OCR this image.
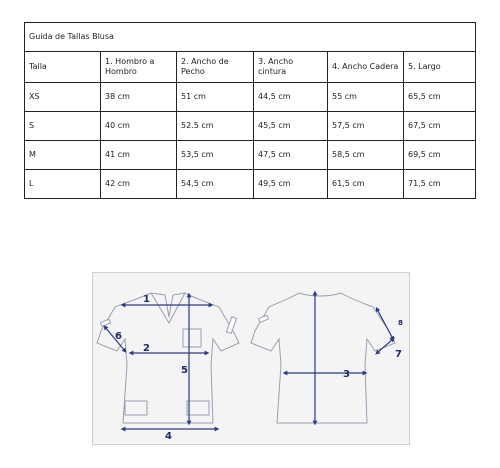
Guida de Tallas Blusa					
Talla	1. Hombro a Hombro	2. Ancho de Pecho	3. Ancho cintura	4. Ancho Cadera	5. Largo
XS	38 cm	51 cm	44,5 cm	55 cm	65,5 cm
S	40 cm	52.5 cm	45,5 cm	57,5 cm	67,5 cm
M	41 cm	53,5 cm	47,5 cm	58,5 cm	69,5 cm
L	42 cm	54,5 cm	49,5 cm	61,5 cm	71,5 cm
1
2
4
5
6
3
7
8
